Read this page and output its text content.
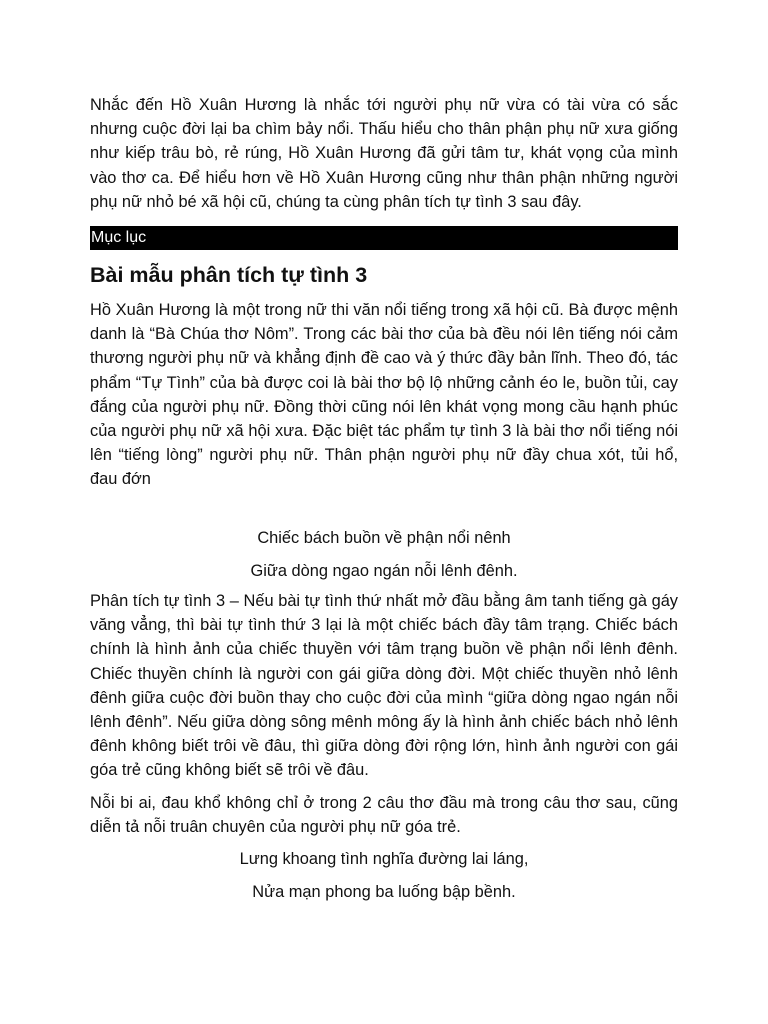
Nhắc đến Hồ Xuân Hương là nhắc tới người phụ nữ vừa có tài vừa có sắc nhưng cuộc đời lại ba chìm bảy nổi. Thấu hiểu cho thân phận phụ nữ xưa giống như kiếp trâu bò, rẻ rúng, Hồ Xuân Hương đã gửi tâm tư, khát vọng của mình vào thơ ca. Để hiểu hơn về Hồ Xuân Hương cũng như thân phận những người phụ nữ nhỏ bé xã hội cũ, chúng ta cùng phân tích tự tình 3 sau đây.

Mục lục
Bài mẫu phân tích tự tình 3

Hồ Xuân Hương là một trong nữ thi văn nổi tiếng trong xã hội cũ. Bà được mệnh danh là “Bà Chúa thơ Nôm”. Trong các bài thơ của bà đều nói lên tiếng nói cảm thương người phụ nữ và khẳng định đề cao và ý thức đầy bản lĩnh. Theo đó, tác phẩm “Tự Tình” của bà được coi là bài thơ bộ lộ những cảnh éo le, buồn tủi, cay đắng của người phụ nữ. Đồng thời cũng nói lên khát vọng mong cầu hạnh phúc của người phụ nữ xã hội xưa. Đặc biệt tác phẩm tự tình 3 là bài thơ nổi tiếng nói lên “tiếng lòng” người phụ nữ. Thân phận người phụ nữ đầy chua xót, tủi hổ, đau đớn

Chiếc bách buồn về phận nổi nênh

Giữa dòng ngao ngán nỗi lênh đênh.

Phân tích tự tình 3 – Nếu bài tự tình thứ nhất mở đầu bằng âm tanh tiếng gà gáy văng vẳng, thì bài tự tình thứ 3 lại là một chiếc bách đầy tâm trạng. Chiếc bách chính là hình ảnh của chiếc thuyền với tâm trạng buồn về phận nổi lênh đênh. Chiếc thuyền chính là người con gái giữa dòng đời. Một chiếc thuyền nhỏ lênh đênh giữa cuộc đời buồn thay cho cuộc đời của mình “giữa dòng ngao ngán nỗi lênh đênh”. Nếu giữa dòng sông mênh mông ấy là hình ảnh chiếc bách nhỏ lênh đênh không biết trôi về đâu, thì giữa dòng đời rộng lớn, hình ảnh người con gái góa trẻ cũng không biết sẽ trôi về đâu.

Nỗi bi ai, đau khổ không chỉ ở trong 2 câu thơ đầu mà trong câu thơ sau, cũng diễn tả nỗi truân chuyên của người phụ nữ góa trẻ.

Lưng khoang tình nghĩa đường lai láng,

Nửa mạn phong ba luống bập bềnh.
